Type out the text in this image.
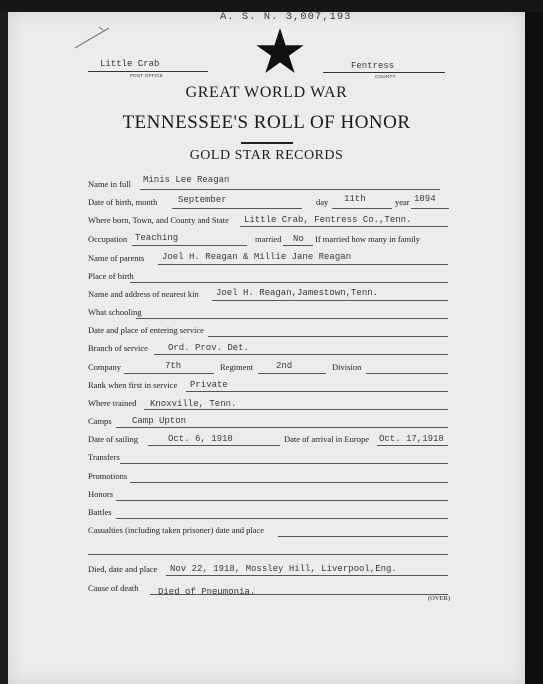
A. S. N. 3,007,193
Little Crab
POST OFFICE
Fentress
COUNTY
GREAT WORLD WAR
TENNESSEE'S ROLL OF HONOR
GOLD STAR RECORDS
Name in full Minis Lee Reagan
Date of birth, month September	day 11th	year 1894
Where born, Town, and County and State Little Crab, Fentress Co.,Tenn.
Occupation Teaching	married No If married how many in family
Name of parents Joel H. Reagan & Millie Jane Reagan
Place of birth
Name and address of nearest kin Joel H. Reagan,Jamestown,Tenn.
What schooling
Date and place of entering service
Branch of service Ord. Prov. Det.
Company	7th	Regiment	2nd	Division
Rank when first in service Private
Where trained Knoxville, Tenn.
Camps Camp Upton
Date of sailing	Oct. 6, 1918	Date of arrival in Europe Oct. 17,1918
Transfers
Promotions
Honors
Battles
Casualties (including taken prisoner) date and place
Died, date and place Nov 22, 1918, Mossley Hill, Liverpool,Eng.
Cause of death Died of Pneumonia.
(OVER)
